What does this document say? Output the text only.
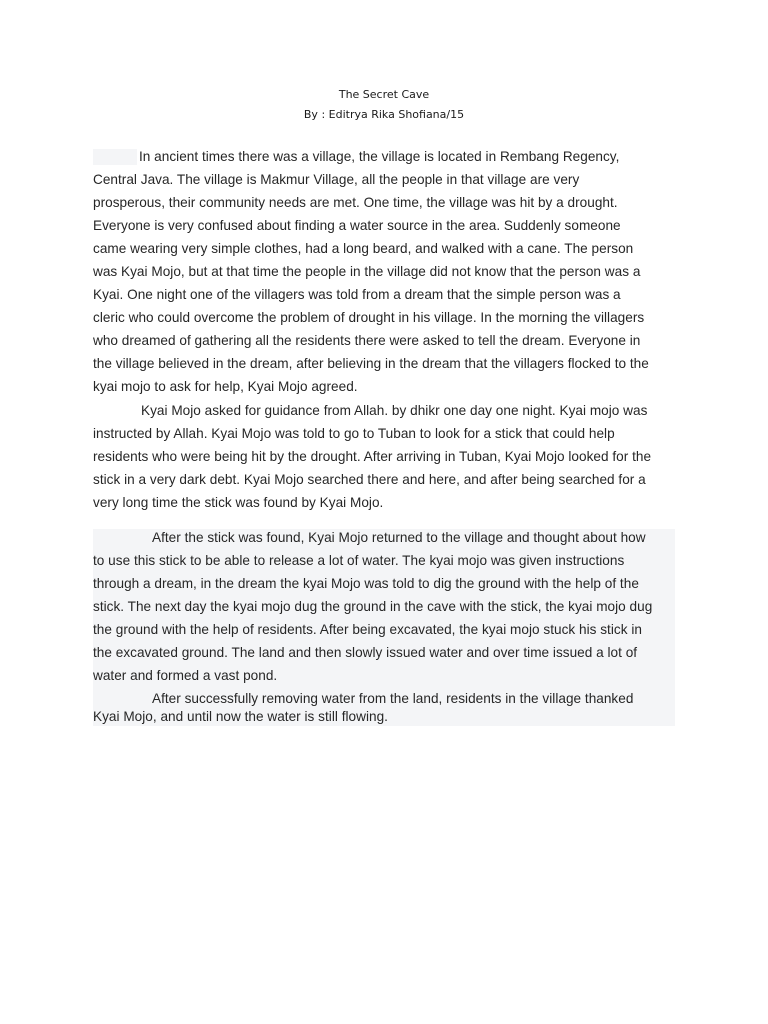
The Secret Cave
By : Editrya Rika Shofiana/15
In ancient times there was a village, the village is located in Rembang Regency,
Central Java. The village is Makmur Village, all the people in that village are very
prosperous, their community needs are met. One time, the village was hit by a drought.
Everyone is very confused about finding a water source in the area. Suddenly someone
came wearing very simple clothes, had a long beard, and walked with a cane. The person
was Kyai Mojo, but at that time the people in the village did not know that the person was a
Kyai. One night one of the villagers was told from a dream that the simple person was a
cleric who could overcome the problem of drought in his village. In the morning the villagers
who dreamed of gathering all the residents there were asked to tell the dream. Everyone in
the village believed in the dream, after believing in the dream that the villagers flocked to the
kyai mojo to ask for help, Kyai Mojo agreed.
Kyai Mojo asked for guidance from Allah. by dhikr one day one night. Kyai mojo was
instructed by Allah. Kyai Mojo was told to go to Tuban to look for a stick that could help
residents who were being hit by the drought. After arriving in Tuban, Kyai Mojo looked for the
stick in a very dark debt. Kyai Mojo searched there and here, and after being searched for a
very long time the stick was found by Kyai Mojo.
After the stick was found, Kyai Mojo returned to the village and thought about how
to use this stick to be able to release a lot of water. The kyai mojo was given instructions
through a dream, in the dream the kyai Mojo was told to dig the ground with the help of the
stick. The next day the kyai mojo dug the ground in the cave with the stick, the kyai mojo dug
the ground with the help of residents. After being excavated, the kyai mojo stuck his stick in
the excavated ground. The land and then slowly issued water and over time issued a lot of
water and formed a vast pond.
After successfully removing water from the land, residents in the village thanked
Kyai Mojo, and until now the water is still flowing.
